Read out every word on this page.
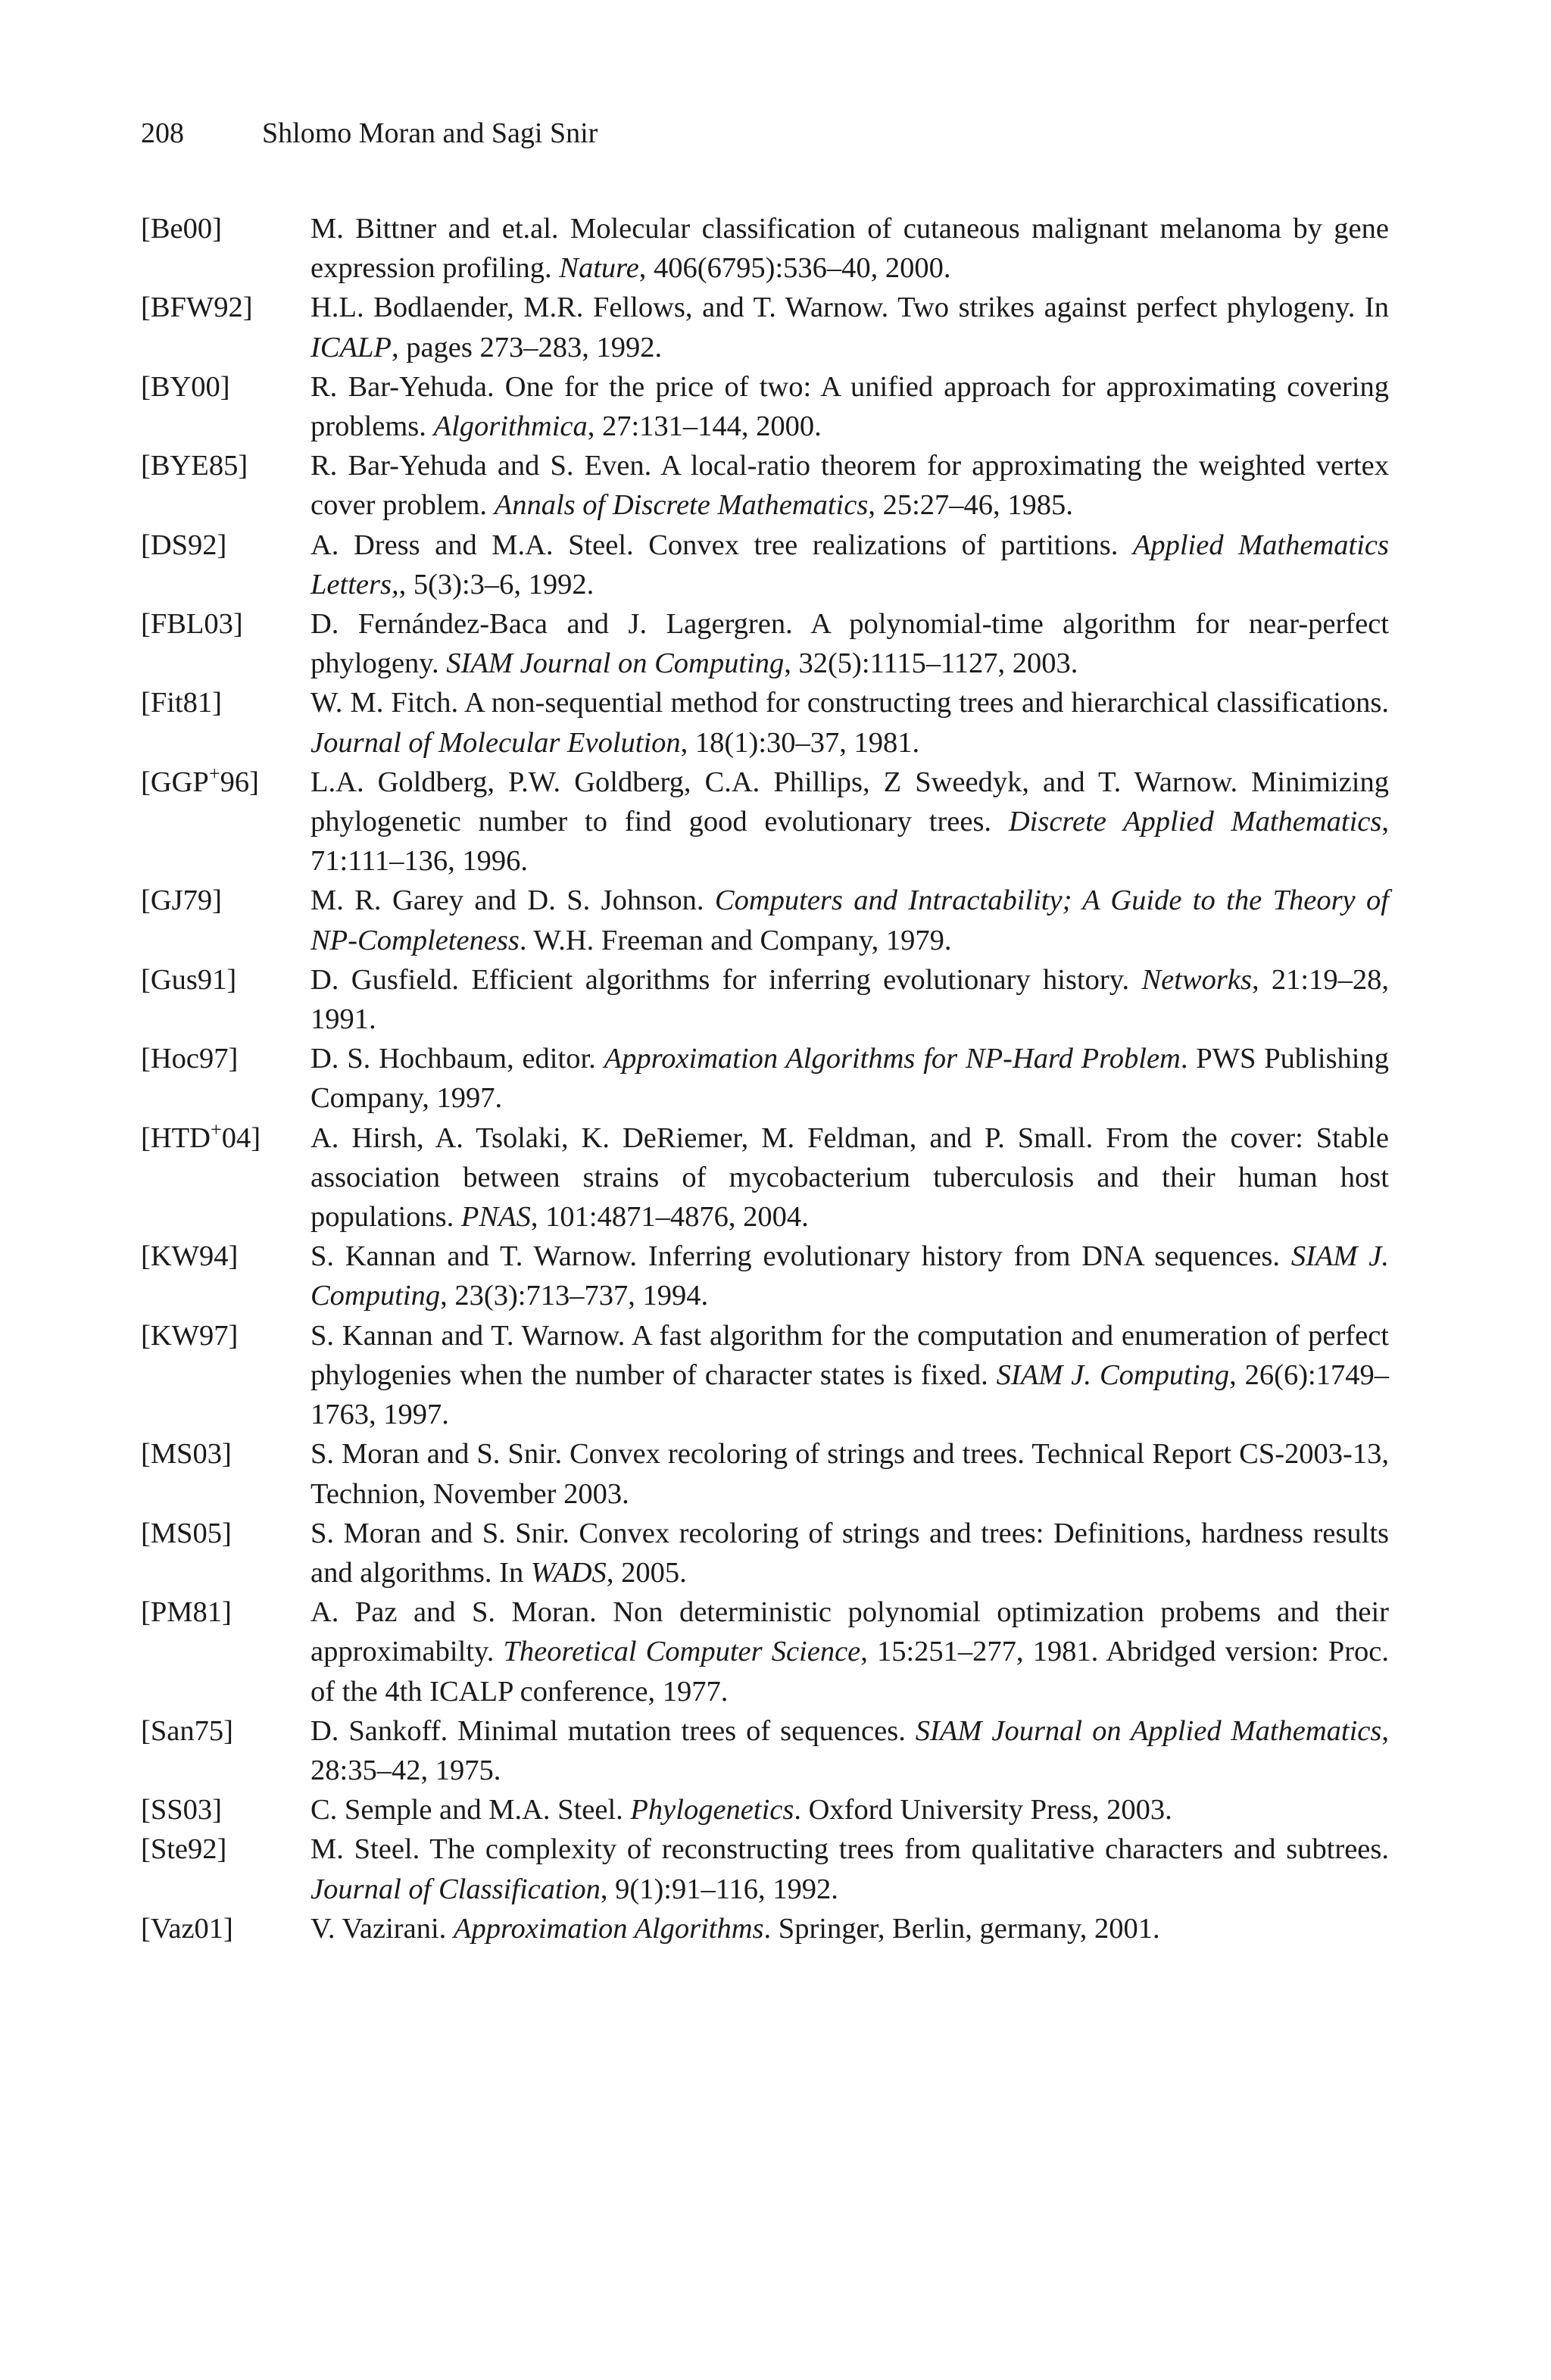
208	Shlomo Moran and Sagi Snir
[Be00]	M. Bittner and et.al. Molecular classification of cutaneous malignant melanoma by gene expression profiling. Nature, 406(6795):536–40, 2000.
[BFW92]	H.L. Bodlaender, M.R. Fellows, and T. Warnow. Two strikes against perfect phylogeny. In ICALP, pages 273–283, 1992.
[BY00]	R. Bar-Yehuda. One for the price of two: A unified approach for approximating covering problems. Algorithmica, 27:131–144, 2000.
[BYE85]	R. Bar-Yehuda and S. Even. A local-ratio theorem for approximating the weighted vertex cover problem. Annals of Discrete Mathematics, 25:27–46, 1985.
[DS92]	A. Dress and M.A. Steel. Convex tree realizations of partitions. Applied Mathematics Letters,, 5(3):3–6, 1992.
[FBL03]	D. Fernández-Baca and J. Lagergren. A polynomial-time algorithm for near-perfect phylogeny. SIAM Journal on Computing, 32(5):1115–1127, 2003.
[Fit81]	W. M. Fitch. A non-sequential method for constructing trees and hierarchical classifications. Journal of Molecular Evolution, 18(1):30–37, 1981.
[GGP+96]	L.A. Goldberg, P.W. Goldberg, C.A. Phillips, Z Sweedyk, and T. Warnow. Minimizing phylogenetic number to find good evolutionary trees. Discrete Applied Mathematics, 71:111–136, 1996.
[GJ79]	M. R. Garey and D. S. Johnson. Computers and Intractability; A Guide to the Theory of NP-Completeness. W.H. Freeman and Company, 1979.
[Gus91]	D. Gusfield. Efficient algorithms for inferring evolutionary history. Networks, 21:19–28, 1991.
[Hoc97]	D. S. Hochbaum, editor. Approximation Algorithms for NP-Hard Problem. PWS Publishing Company, 1997.
[HTD+04]	A. Hirsh, A. Tsolaki, K. DeRiemer, M. Feldman, and P. Small. From the cover: Stable association between strains of mycobacterium tuberculosis and their human host populations. PNAS, 101:4871–4876, 2004.
[KW94]	S. Kannan and T. Warnow. Inferring evolutionary history from DNA sequences. SIAM J. Computing, 23(3):713–737, 1994.
[KW97]	S. Kannan and T. Warnow. A fast algorithm for the computation and enumeration of perfect phylogenies when the number of character states is fixed. SIAM J. Computing, 26(6):1749–1763, 1997.
[MS03]	S. Moran and S. Snir. Convex recoloring of strings and trees. Technical Report CS-2003-13, Technion, November 2003.
[MS05]	S. Moran and S. Snir. Convex recoloring of strings and trees: Definitions, hardness results and algorithms. In WADS, 2005.
[PM81]	A. Paz and S. Moran. Non deterministic polynomial optimization probems and their approximabilty. Theoretical Computer Science, 15:251–277, 1981. Abridged version: Proc. of the 4th ICALP conference, 1977.
[San75]	D. Sankoff. Minimal mutation trees of sequences. SIAM Journal on Applied Mathematics, 28:35–42, 1975.
[SS03]	C. Semple and M.A. Steel. Phylogenetics. Oxford University Press, 2003.
[Ste92]	M. Steel. The complexity of reconstructing trees from qualitative characters and subtrees. Journal of Classification, 9(1):91–116, 1992.
[Vaz01]	V. Vazirani. Approximation Algorithms. Springer, Berlin, germany, 2001.
